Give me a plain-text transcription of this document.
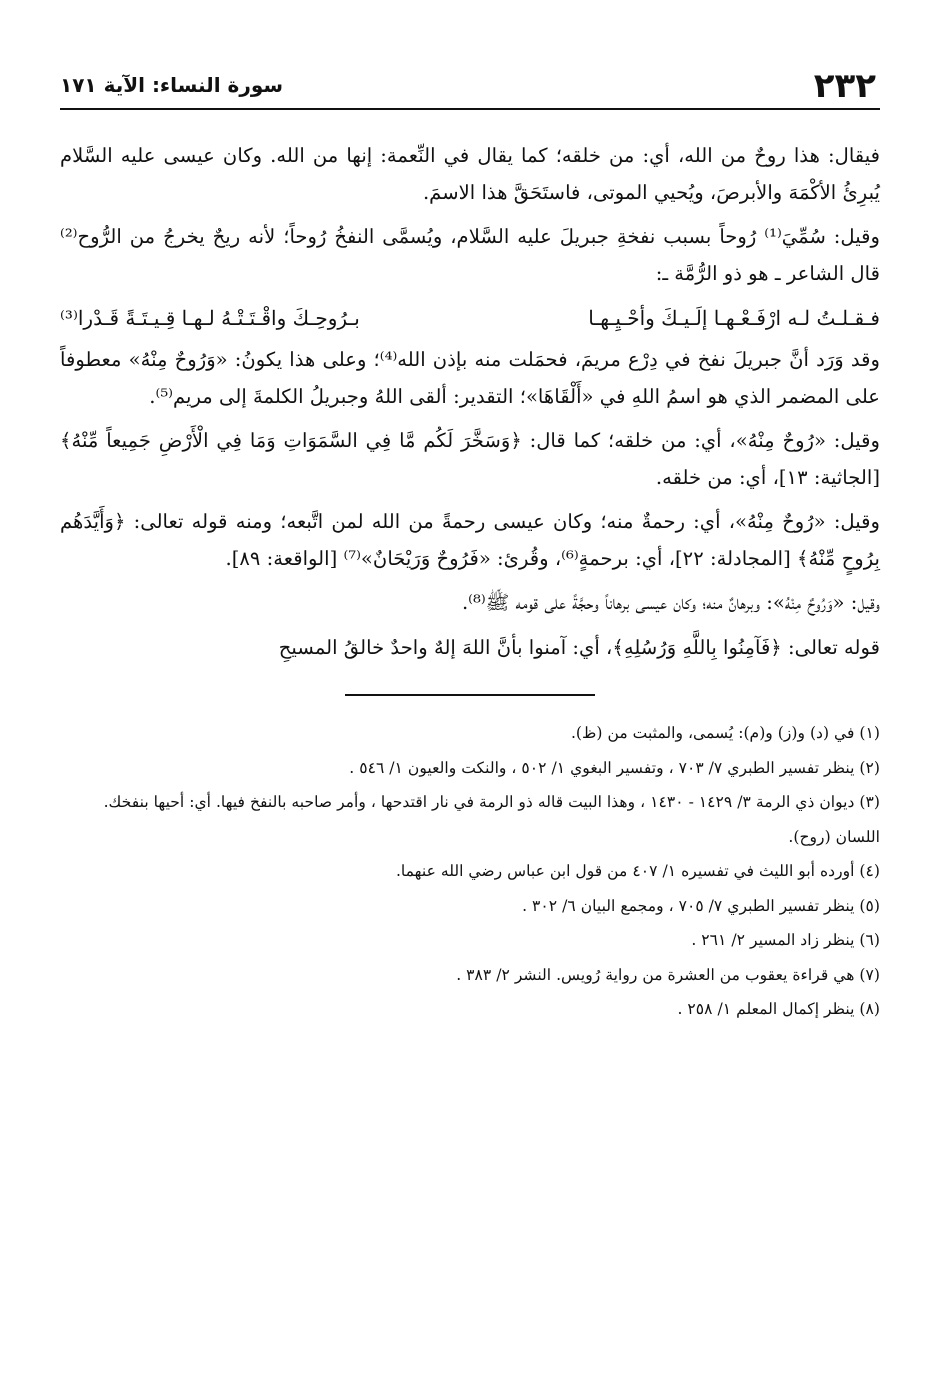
٢٣٢
سورة النساء: الآية ١٧١

فيقال: هذا روحٌ من الله، أي: من خلقه؛ كما يقال في النِّعمة: إنها من الله. وكان عيسى عليه السَّلام يُبرِئُ الأكْمَهَ والأبرصَ، ويُحيي الموتى، فاستَحَقَّ هذا الاسمَ.

وقيل: سُمِّيَ⁽¹⁾ رُوحاً بسبب نفخةِ جبريلَ عليه السَّلام، ويُسمَّى النفخُ رُوحاً؛ لأنه ريحٌ يخرجُ من الرُّوح⁽²⁾ قال الشاعر ـ هو ذو الرُّمَّة ـ:

فـقـلـتُ لـه ارْفَـعْـهـا إلَـيـكَ وأحْـيِـهـا
بـرُوحِـكَ واقْـتَـتْـهُ لـهـا قِـيـتَـةً قَـدْرا⁽³⁾

وقد وَرَد أنَّ جبريلَ نفخ في دِرْع مريمَ، فحمَلت منه بإذن الله⁽⁴⁾؛ وعلى هذا يكونُ: «وَرُوحٌ مِنْهُ» معطوفاً على المضمر الذي هو اسمُ اللهِ في «أَلْقَاهَا»؛ التقدير: ألقى اللهُ وجبريلُ الكلمةَ إلى مريم⁽⁵⁾.

وقيل: «رُوحٌ مِنْهُ»، أي: من خلقه؛ كما قال: ﴿وَسَخَّرَ لَكُم مَّا فِي السَّمَوَاتِ وَمَا فِي الْأَرْضِ جَمِيعاً مِّنْهُ﴾ [الجاثية: ١٣]، أي: من خلقه.

وقيل: «رُوحٌ مِنْهُ»، أي: رحمةٌ منه؛ وكان عيسى رحمةً من الله لمن اتَّبعه؛ ومنه قوله تعالى: ﴿وَأَيَّدَهُم بِرُوحٍ مِّنْهُ﴾ [المجادلة: ٢٢]، أي: برحمةٍ⁽⁶⁾، وقُرئ: «فَرُوحٌ وَرَيْحَانٌ»⁽⁷⁾ [الواقعة: ٨٩].

وقيل: «وَرُوحٌ مِنْهُ»: وبرهانٌ منه؛ وكان عيسى برهاناً وحجَّةً على قومه ﷺ⁽⁸⁾.

قوله تعالى: ﴿فَآمِنُوا بِاللَّهِ وَرُسُلِهِ﴾، أي: آمنوا بأنَّ اللهَ إلهٌ واحدٌ خالقُ المسيحِ

(١) في (د) و(ز) و(م): يُسمى، والمثبت من (ظ).

(٢) ينظر تفسير الطبري ٧/ ٧٠٣ ، وتفسير البغوي ١/ ٥٠٢ ، والنكت والعيون ١/ ٥٤٦ .

(٣) ديوان ذي الرمة ٣/ ١٤٢٩ - ١٤٣٠ ، وهذا البيت قاله ذو الرمة في نار اقتدحها ، وأمر صاحبه بالنفخ فيها. أي: أحيها بنفخك. اللسان (روح).

(٤) أورده أبو الليث في تفسيره ١/ ٤٠٧ من قول ابن عباس رضي الله عنهما.

(٥) ينظر تفسير الطبري ٧/ ٧٠٥ ، ومجمع البيان ٦/ ٣٠٢ .

(٦) ينظر زاد المسير ٢/ ٢٦١ .

(٧) هي قراءة يعقوب من العشرة من رواية رُويس. النشر ٢/ ٣٨٣ .

(٨) ينظر إكمال المعلم ١/ ٢٥٨ .
